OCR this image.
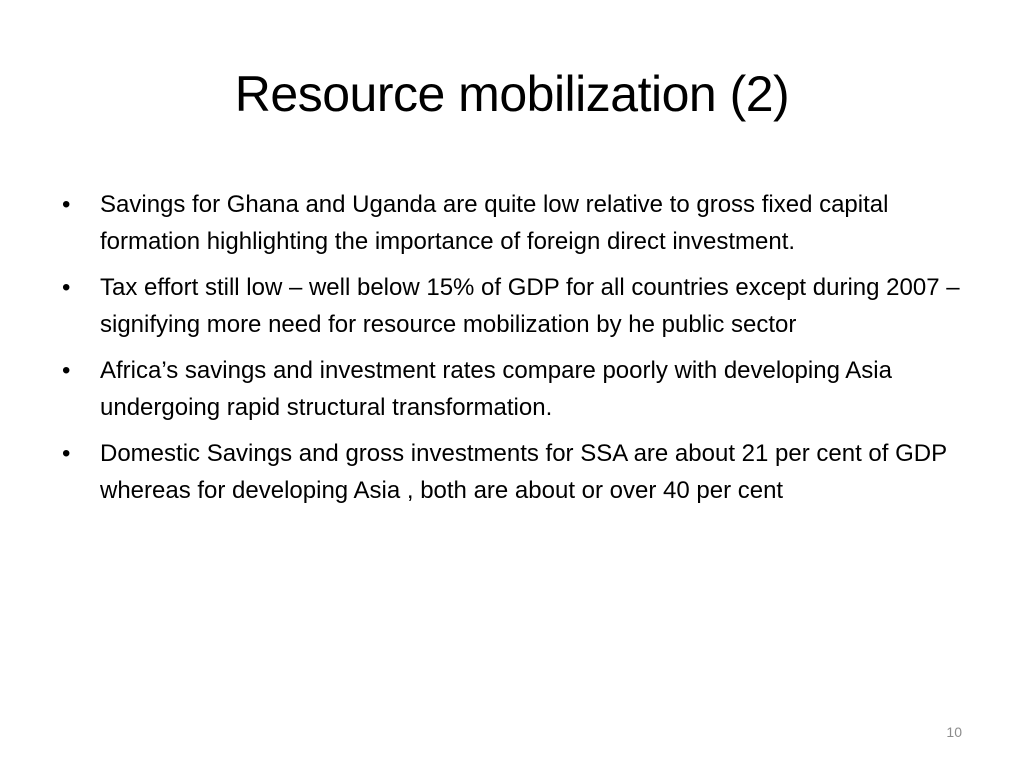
Resource mobilization (2)
•	Savings for Ghana and Uganda are quite low relative to gross fixed capital formation highlighting the importance of foreign direct investment.
•	Tax effort still low – well below 15% of GDP for all countries except during 2007 – signifying more need for resource mobilization by he public sector
•	Africa’s savings and investment rates compare poorly with developing Asia undergoing rapid structural transformation.
•	Domestic Savings and gross investments for SSA are about 21 per cent of GDP whereas for developing Asia , both are about or over 40 per cent
10
